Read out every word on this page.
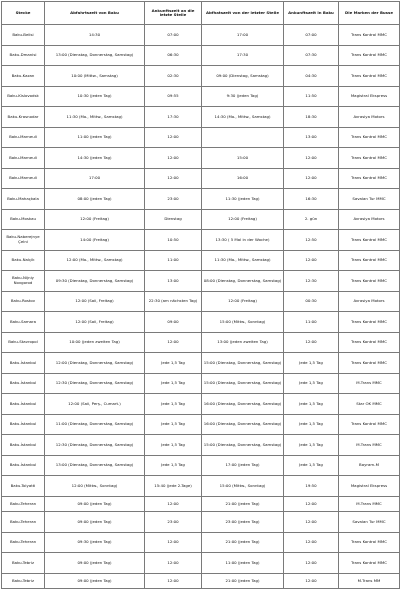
Stecke	Abfahrtszeit von Baku	Ankunftszeit an die letzte Stelle	Abfhatszeit von der letzter Stelle	Ankunftszeit in Baku	Die Marken der Busse
Baku-Belisi	14:30	07:00	17:00	07:00	Trans Kontrol MMC
Baku-Dmanisi	13:00 (Dienstag, Donnerstag, Samstag)	06:30	17:30	07:30	Trans Kontrol MMC
Baku-Kazan	10:00 (Mittw., Samstag)	02:30	09:00 (Dienstag, Samstag)	04:30	Trans Kontrol MMC
Baku-Kislovodsk	10:30 (jeden Tag)	09:55	9:30 (jeden Tag)	11:50	Magistral Ekspress
Baku-Krasnodar	11:30 (Mo., Mittw., Samstag)	17:30	14:30 (Mo., Mittw., Samstag)	18:30	Avrasiya Motors
Baku-Marneuli	11:00 (jeden Tag)	12:00		13:00	Trans Kontrol MMC
Baku-Marneuli	14:30 (jeden Tag)	12:00	15:00	12:00	Trans Kontrol MMC
Baku-Marneuli	17:00	12:00	16:00	12:00	Trans Kontrol MMC
Baku-Mahaçkala	08:00 (jeden Tag)	23:00	11:30 (jeden Tag)	16:30	Savalan Tur MMC
Baku-Moskau	12:00 (Freitag)	Dienstag	12:00 (Freitag)	2. gün	Avrasiya Motors
Baku-Naberejnye Çelni	14:00 (Freitag)	10:50	13:30 ( 5 Mal in der Woche)	12:50	Trans Kontrol MMC
Baku-Nalçik	12:00 (Mo., Mittw., Samstag)	11:00	11:30 (Mo., Mittw., Samstag)	12:00	Trans Kontrol MMC
Baku-Nijniy Novgorod	09:30 (Dienstag, Donnerstag, Samstag)	13:00	08:00 (Dienstag, Donnerstag, Samstag)	12:30	Trans Kontrol MMC
Baku-Rostov	12:00 (Saii, Freitag)	22:30 (am nächsten Tag)	12:00 (Freitag)	00:30	Avrasiya Motors
Baku-Samara	12:00 (Saii, Freitag)	09:00	15:00 (Mittw., Sonntag)	11:00	Trans Kontrol MMC
Baku-Stavropol	10:00 (jeden zweiten Tag)	12:00	13:00 (jeden zweiten Tag)	12:00	Trans Kontrol MMC
Baku-İstanbul	12:00 (Dienstag, Donnerstag, Samstag)	Jede 1,5 Tag	15:00 (Dienstag, Donnerstag, Samstag)	Jede 1,5 Tag	Trans Kontrol MMC
Baku-İstanbul	12:30 (Dienstag, Donnerstag, Samstag)	Jede 1,5 Tag	15:00 (Dienstag, Donnerstag, Samstag)	Jede 1,5 Tag	M.Trans MMC
Baku-İstanbul	12:00 (Saii, Perş., Cumart.)	Jede 1,5 Tag	16:00 (Dienstag, Donnerstag, Samstag)	Jede 1,5 Tag	Star OK MMC
Baku-İstanbul	11:00 (Dienstag, Donnerstag, Samstag)	Jede 1,5 Tag	16:00 (Dienstag, Donnerstag, Samstag)	Jede 1,5 Tag	Trans Kontrol MMC
Baku-İstanbul	12:30 (Dienstag, Donnerstag, Samstag)	Jede 1,5 Tag	15:00 (Dienstag, Donnerstag, Samstag)	Jede 1,5 Tag	M.Trans MMC
Baku-İstanbul	13:00 (Dienstag, Donnerstag, Samstag)	Jede 1,5 Tag	17:00 (jeden Tag)	Jede 1,5 Tag	Bayram-M
Baku-Tolyatti	12:00 (Mittw., Sonntag)	15:40 (jede 2-Tage)	15:00 (Mittw., Sonntag)	19:50	Magistral Ekspress
Baku-Teheran	09:00 (jeden Tag)	12:00	21:00 (jeden Tag)	12:00	M.Trans MMC
Baku-Teheran	09:00 (jeden Tag)	23:00	23:00 (jeden Tag)	12:00	Savalan Tur MMC
Baku-Teheran	09:30 (jeden Tag)	12:00	21:00 (jeden Tag)	12:00	Trans Kontrol MMC
Baku-Tebriz	09:00 (jeden Tag)	12:00	11:00 (jeden Tag)	12:00	Trans Kontrol MMC
Baku-Tebriz	09:00 (jeden Tag)	12:00	21:00 (jeden Tag)	12:00	M.Trans MM
